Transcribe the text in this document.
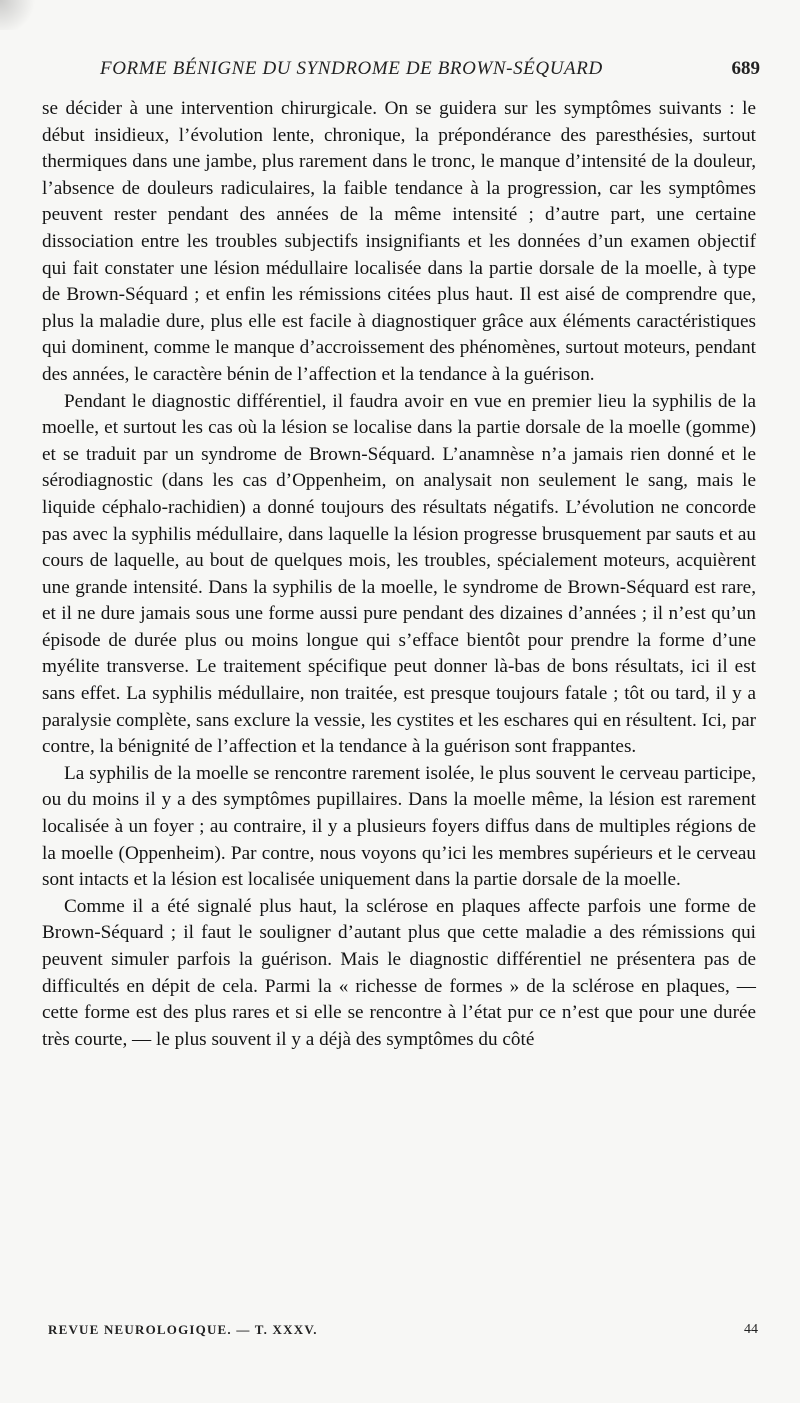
FORME BÉNIGNE DU SYNDROME DE BROWN-SÉQUARD	689

se décider à une intervention chirurgicale. On se guidera sur les symptômes suivants : le début insidieux, l’évolution lente, chronique, la prépondérance des paresthésies, surtout thermiques dans une jambe, plus rarement dans le tronc, le manque d’intensité de la douleur, l’absence de douleurs radiculaires, la faible tendance à la progression, car les symptômes peuvent rester pendant des années de la même intensité ; d’autre part, une certaine dissociation entre les troubles subjectifs insignifiants et les données d’un examen objectif qui fait constater une lésion médullaire localisée dans la partie dorsale de la moelle, à type de Brown-Séquard ; et enfin les rémissions citées plus haut. Il est aisé de comprendre que, plus la maladie dure, plus elle est facile à diagnostiquer grâce aux éléments caractéristiques qui dominent, comme le manque d’accroissement des phénomènes, surtout moteurs, pendant des années, le caractère bénin de l’affection et la tendance à la guérison.

Pendant le diagnostic différentiel, il faudra avoir en vue en premier lieu la syphilis de la moelle, et surtout les cas où la lésion se localise dans la partie dorsale de la moelle (gomme) et se traduit par un syndrome de Brown-Séquard. L’anamnèse n’a jamais rien donné et le sérodiagnostic (dans les cas d’Oppenheim, on analysait non seulement le sang, mais le liquide céphalo-rachidien) a donné toujours des résultats négatifs. L’évolution ne concorde pas avec la syphilis médullaire, dans laquelle la lésion progresse brusquement par sauts et au cours de laquelle, au bout de quelques mois, les troubles, spécialement moteurs, acquièrent une grande intensité. Dans la syphilis de la moelle, le syndrome de Brown-Séquard est rare, et il ne dure jamais sous une forme aussi pure pendant des dizaines d’années ; il n’est qu’un épisode de durée plus ou moins longue qui s’efface bientôt pour prendre la forme d’une myélite transverse. Le traitement spécifique peut donner là-bas de bons résultats, ici il est sans effet. La syphilis médullaire, non traitée, est presque toujours fatale ; tôt ou tard, il y a paralysie complète, sans exclure la vessie, les cystites et les eschares qui en résultent. Ici, par contre, la bénignité de l’affection et la tendance à la guérison sont frappantes.

La syphilis de la moelle se rencontre rarement isolée, le plus souvent le cerveau participe, ou du moins il y a des symptômes pupillaires. Dans la moelle même, la lésion est rarement localisée à un foyer ; au contraire, il y a plusieurs foyers diffus dans de multiples régions de la moelle (Oppenheim). Par contre, nous voyons qu’ici les membres supérieurs et le cerveau sont intacts et la lésion est localisée uniquement dans la partie dorsale de la moelle.

Comme il a été signalé plus haut, la sclérose en plaques affecte parfois une forme de Brown-Séquard ; il faut le souligner d’autant plus que cette maladie a des rémissions qui peuvent simuler parfois la guérison. Mais le diagnostic différentiel ne présentera pas de difficultés en dépit de cela. Parmi la « richesse de formes » de la sclérose en plaques, — cette forme est des plus rares et si elle se rencontre à l’état pur ce n’est que pour une durée très courte, — le plus souvent il y a déjà des symptômes du côté

REVUE NEUROLOGIQUE. — T. XXXV.	44
